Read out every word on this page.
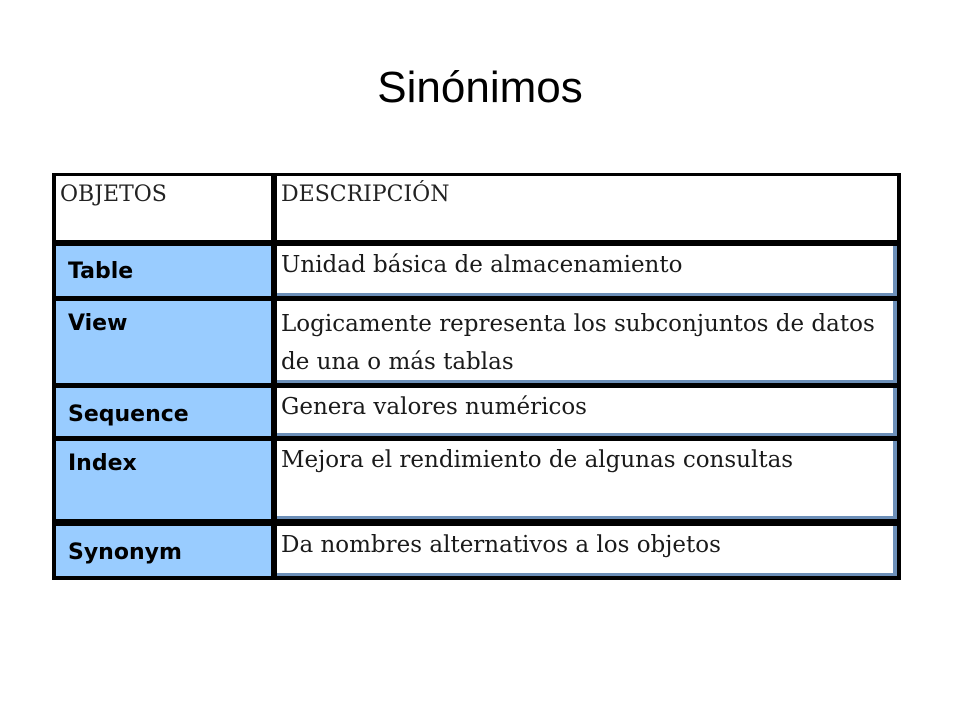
Sinónimos
OBJETOS	DESCRIPCIÓN
Table	Unidad básica de almacenamiento
View	Logicamente representa los subconjuntos de datos de una o más tablas
Sequence	Genera valores numéricos
Index	Mejora el rendimiento de algunas consultas
Synonym	Da nombres alternativos a los objetos
